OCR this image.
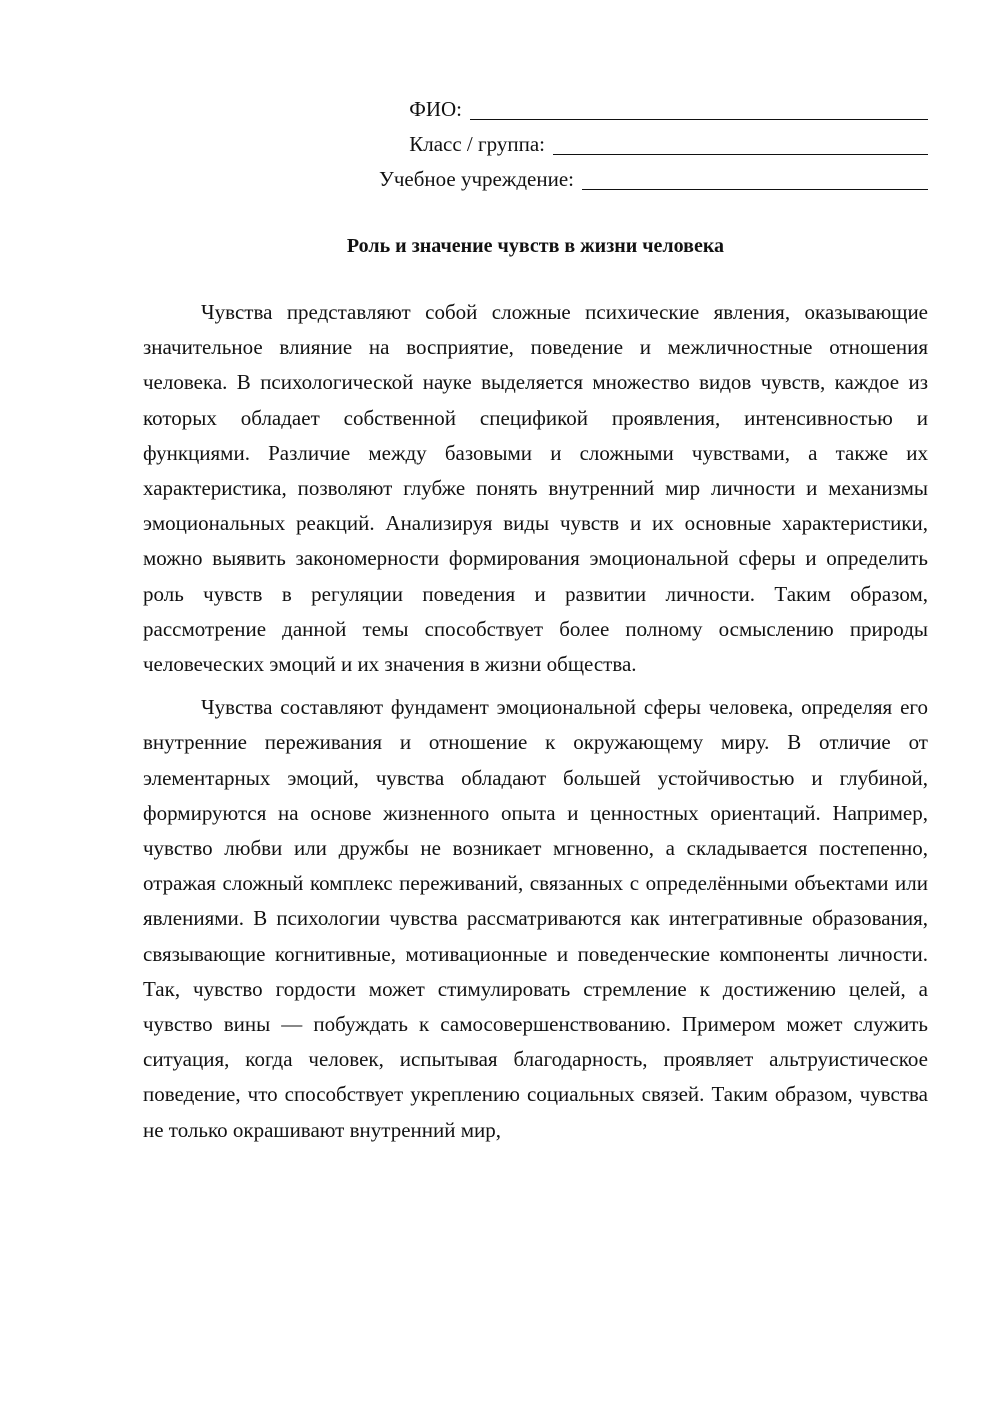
ФИО:
Класс / группа:
Учебное учреждение:
Роль и значение чувств в жизни человека

Чувства представляют собой сложные психические явления, оказывающие значительное влияние на восприятие, поведение и межличностные отношения человека. В психологической науке выделяется множество видов чувств, каждое из которых обладает собственной спецификой проявления, интенсивностью и функциями. Различие между базовыми и сложными чувствами, а также их характеристика, позволяют глубже понять внутренний мир личности и механизмы эмоциональных реакций. Анализируя виды чувств и их основные характеристики, можно выявить закономерности формирования эмоциональной сферы и определить роль чувств в регуляции поведения и развитии личности. Таким образом, рассмотрение данной темы способствует более полному осмыслению природы человеческих эмоций и их значения в жизни общества.

Чувства составляют фундамент эмоциональной сферы человека, определяя его внутренние переживания и отношение к окружающему миру. В отличие от элементарных эмоций, чувства обладают большей устойчивостью и глубиной, формируются на основе жизненного опыта и ценностных ориентаций. Например, чувство любви или дружбы не возникает мгновенно, а складывается постепенно, отражая сложный комплекс переживаний, связанных с определёнными объектами или явлениями. В психологии чувства рассматриваются как интегративные образования, связывающие когнитивные, мотивационные и поведенческие компоненты личности. Так, чувство гордости может стимулировать стремление к достижению целей, а чувство вины — побуждать к самосовершенствованию. Примером может служить ситуация, когда человек, испытывая благодарность, проявляет альтруистическое поведение, что способствует укреплению социальных связей. Таким образом, чувства не только окрашивают внутренний мир,
